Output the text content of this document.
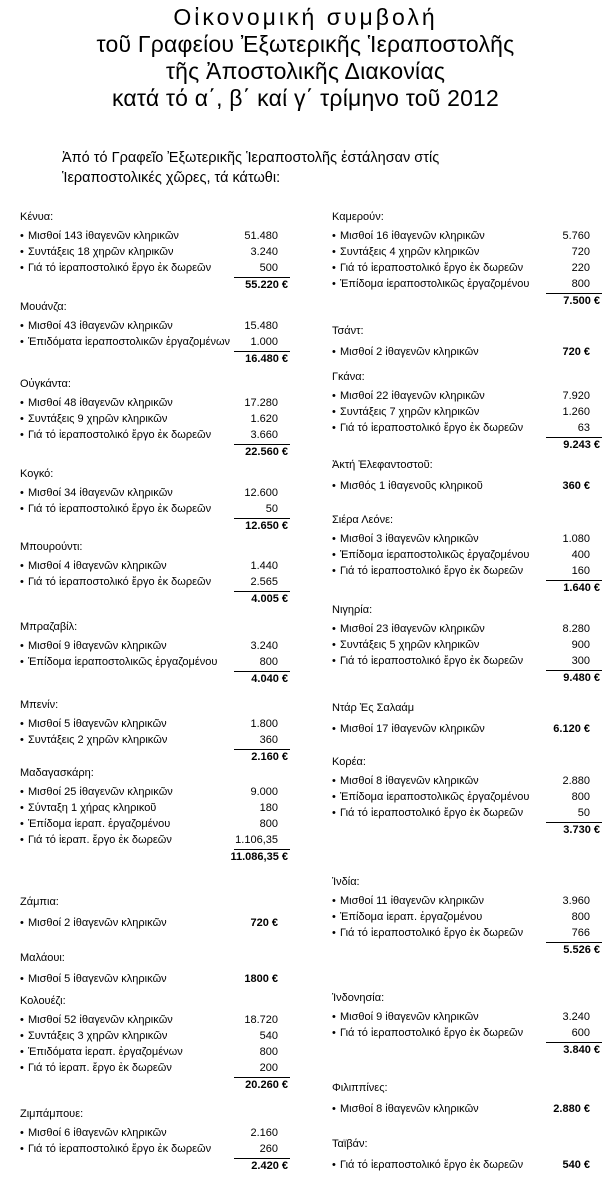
Οἰκονομική συμβολή
τοῦ Γραφείου Ἐξωτερικῆς Ἱεραποστολῆς
τῆς Ἀποστολικῆς Διακονίας
κατά τό α΄, β΄ καί γ΄ τρίμηνο τοῦ 2012
Ἀπό τό Γραφεῖο Ἐξωτερικῆς Ἱεραποστολῆς ἐστάλησαν στίς
Ἱεραποστολικές χῶρες, τά κάτωθι:
Κένυα:
• Μισθοί 143 ἰθαγενῶν κληρικῶν	51.480
• Συντάξεις 18 χηρῶν κληρικῶν	3.240
• Γιά τό ἱεραποστολικό ἔργο ἐκ δωρεῶν	500
55.220 €
Μουάνζα:
• Μισθοί 43 ἰθαγενῶν κληρικῶν	15.480
• Ἐπιδόματα ἱεραποστολικῶν ἐργαζομένων	1.000
16.480 €
Οὐγκάντα:
• Μισθοί 48 ἰθαγενῶν κληρικῶν	17.280
• Συντάξεις 9 χηρῶν κληρικῶν	1.620
• Γιά τό ἱεραποστολικό ἔργο ἐκ δωρεῶν	3.660
22.560 €
Κογκό:
• Μισθοί 34 ἰθαγενῶν κληρικῶν	12.600
• Γιά τό ἱεραποστολικό ἔργο ἐκ δωρεῶν	50
12.650 €
Μπουρούντι:
• Μισθοί 4 ἰθαγενῶν κληρικῶν	1.440
• Γιά τό ἱεραποστολικό ἔργο ἐκ δωρεῶν	2.565
4.005 €
Μπραζαβίλ:
• Μισθοί 9 ἰθαγενῶν κληρικῶν	3.240
• Ἐπίδομα ἱεραποστολικῶς ἐργαζομένου	800
4.040 €
Μπενίν:
• Μισθοί 5 ἰθαγενῶν κληρικῶν	1.800
• Συντάξεις 2 χηρῶν κληρικῶν	360
2.160 €
Μαδαγασκάρη:
• Μισθοί 25 ἰθαγενῶν κληρικῶν	9.000
• Σύνταξη 1 χήρας κληρικοῦ	180
• Ἐπίδομα ἱεραπ. ἐργαζομένου	800
• Γιά τό ἱεραπ. ἔργο ἐκ δωρεῶν	1.106,35
11.086,35 €
Ζάμπια:
• Μισθοί 2 ἰθαγενῶν κληρικῶν	720 €
Μαλάουι:
• Μισθοί 5 ἰθαγενῶν κληρικῶν	1800 €
Κολουέζι:
• Μισθοί 52 ἰθαγενῶν κληρικῶν	18.720
• Συντάξεις 3 χηρῶν κληρικῶν	540
• Ἐπιδόματα ἱεραπ. ἐργαζομένων	800
• Γιά τό ἱεραπ. ἔργο ἐκ δωρεῶν	200
20.260 €
Ζιμπάμπουε:
• Μισθοί 6 ἰθαγενῶν κληρικῶν	2.160
• Γιά τό ἱεραποστολικό ἔργο ἐκ δωρεῶν	260
2.420 €
Καμερούν:
• Μισθοί 16 ἰθαγενῶν κληρικῶν	5.760
• Συντάξεις 4 χηρῶν κληρικῶν	720
• Γιά τό ἱεραποστολικό ἔργο ἐκ δωρεῶν	220
• Ἐπίδομα ἱεραποστολικῶς ἐργαζομένου	800
7.500 €
Τσάντ:
• Μισθοί 2 ἰθαγενῶν κληρικῶν	720 €
Γκάνα:
• Μισθοί 22 ἰθαγενῶν κληρικῶν	7.920
• Συντάξεις 7 χηρῶν κληρικῶν	1.260
• Γιά τό ἱεραποστολικό ἔργο ἐκ δωρεῶν	63
9.243 €
Ἀκτή Ἐλεφαντοστοῦ:
• Μισθός 1 ἰθαγενοῦς κληρικοῦ	360 €
Σιέρα Λεόνε:
• Μισθοί 3 ἰθαγενῶν κληρικῶν	1.080
• Ἐπίδομα ἱεραποστολικῶς ἐργαζομένου	400
• Γιά τό ἱεραποστολικό ἔργο ἐκ δωρεῶν	160
1.640 €
Νιγηρία:
• Μισθοί 23 ἰθαγενῶν κληρικῶν	8.280
• Συντάξεις 5 χηρῶν κληρικῶν	900
• Γιά τό ἱεραποστολικό ἔργο ἐκ δωρεῶν	300
9.480 €
Ντάρ Ἐς Σαλαάμ
• Μισθοί 17 ἰθαγενῶν κληρικῶν	6.120 €
Κορέα:
• Μισθοί 8 ἰθαγενῶν κληρικῶν	2.880
• Ἐπίδομα ἱεραποστολικῶς ἐργαζομένου	800
• Γιά τό ἱεραποστολικό ἔργο ἐκ δωρεῶν	50
3.730 €
Ἰνδία:
• Μισθοί 11 ἰθαγενῶν κληρικῶν	3.960
• Ἐπίδομα ἱεραπ. ἐργαζομένου	800
• Γιά τό ἱεραποστολικό ἔργο ἐκ δωρεῶν	766
5.526 €
Ἰνδονησία:
• Μισθοί 9 ἰθαγενῶν κληρικῶν	3.240
• Γιά τό ἱεραποστολικό ἔργο ἐκ δωρεῶν	600
3.840 €
Φιλιππίνες:
• Μισθοί 8 ἰθαγενῶν κληρικῶν	2.880 €
Ταϊβάν:
• Γιά τό ἱεραποστολικό ἔργο ἐκ δωρεῶν	540 €
